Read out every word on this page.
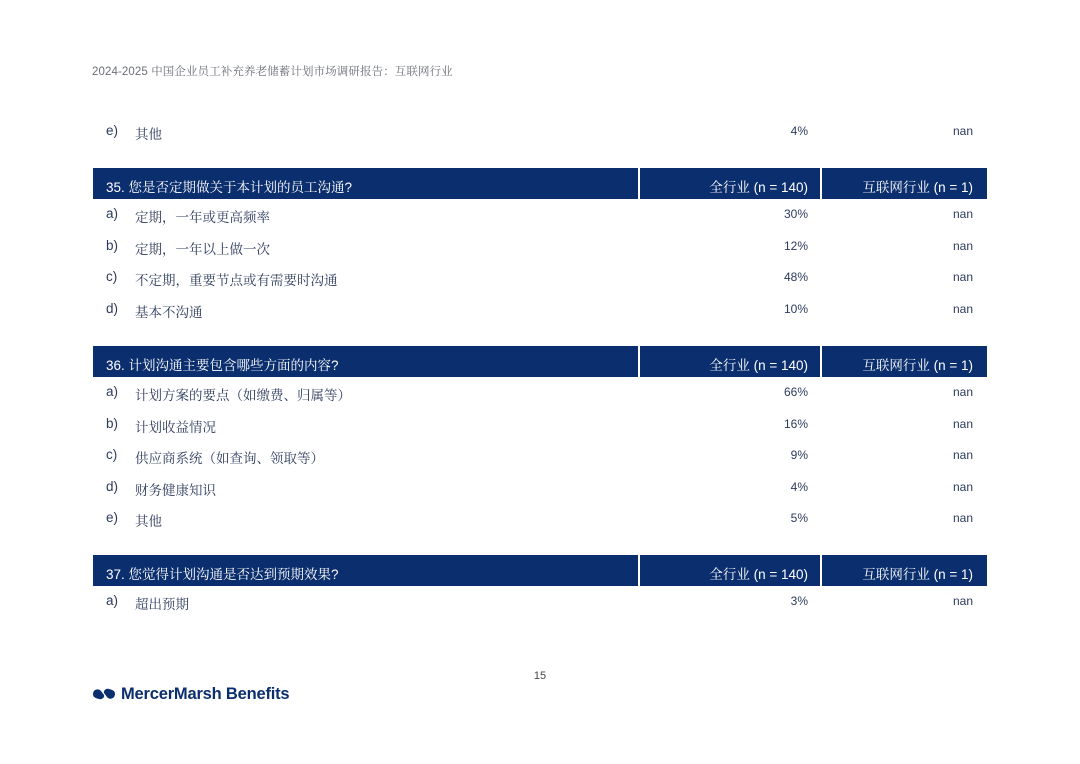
2024-2025 中国企业员工补充养老储蓄计划市场调研报告：互联网行业
e) 其他	4%	nan
35. 您是否定期做关于本计划的员工沟通?	全行业 (n = 140)	互联网行业 (n = 1)
a) 定期，一年或更高频率	30%	nan
b) 定期，一年以上做一次	12%	nan
c) 不定期，重要节点或有需要时沟通	48%	nan
d) 基本不沟通	10%	nan
36. 计划沟通主要包含哪些方面的内容?	全行业 (n = 140)	互联网行业 (n = 1)
a) 计划方案的要点（如缴费、归属等）	66%	nan
b) 计划收益情况	16%	nan
c) 供应商系统（如查询、领取等）	9%	nan
d) 财务健康知识	4%	nan
e) 其他	5%	nan
37. 您觉得计划沟通是否达到预期效果?	全行业 (n = 140)	互联网行业 (n = 1)
a) 超出预期	3%	nan
15
MercerMarsh Benefits
